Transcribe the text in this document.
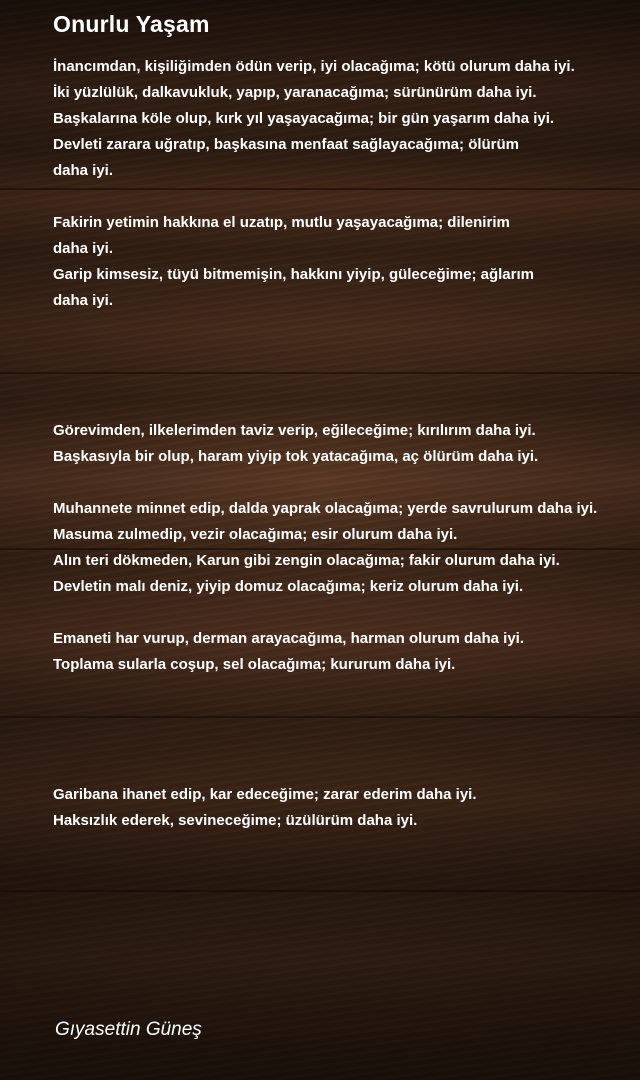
Onurlu Yaşam
İnancımdan, kişiliğimden ödün verip, iyi olacağıma; kötü olurum daha iyi.
İki yüzlülük, dalkavukluk, yapıp, yaranacağıma; sürünürüm daha iyi.
Başkalarına köle olup, kırk yıl yaşayacağıma; bir gün yaşarım daha iyi.
Devleti zarara uğratıp, başkasına menfaat sağlayacağıma; ölürüm
daha iyi.
Fakirin yetimin hakkına el uzatıp, mutlu yaşayacağıma; dilenirim
daha iyi.
Garip kimsesiz, tüyü bitmemişin, hakkını yiyip, güleceğime; ağlarım
daha iyi.
Görevimden, ilkelerimden taviz verip, eğileceğime; kırılırım daha iyi.
Başkasıyla bir olup, haram yiyip tok yatacağıma, aç ölürüm daha iyi.
Muhannete minnet edip, dalda yaprak olacağıma; yerde savrulurum daha iyi.
Masuma zulmedip, vezir olacağıma; esir olurum daha iyi.
Alın teri dökmeden, Karun gibi zengin olacağıma; fakir olurum daha iyi.
Devletin malı deniz, yiyip domuz olacağıma; keriz olurum daha iyi.
Emaneti har vurup, derman arayacağıma, harman olurum daha iyi.
Toplama sularla coşup, sel olacağıma; kururum daha iyi.
Garibana ihanet edip, kar edeceğime; zarar ederim daha iyi.
Haksızlık ederek, sevineceğime; üzülürüm daha iyi.
Gıyasettin Güneş
